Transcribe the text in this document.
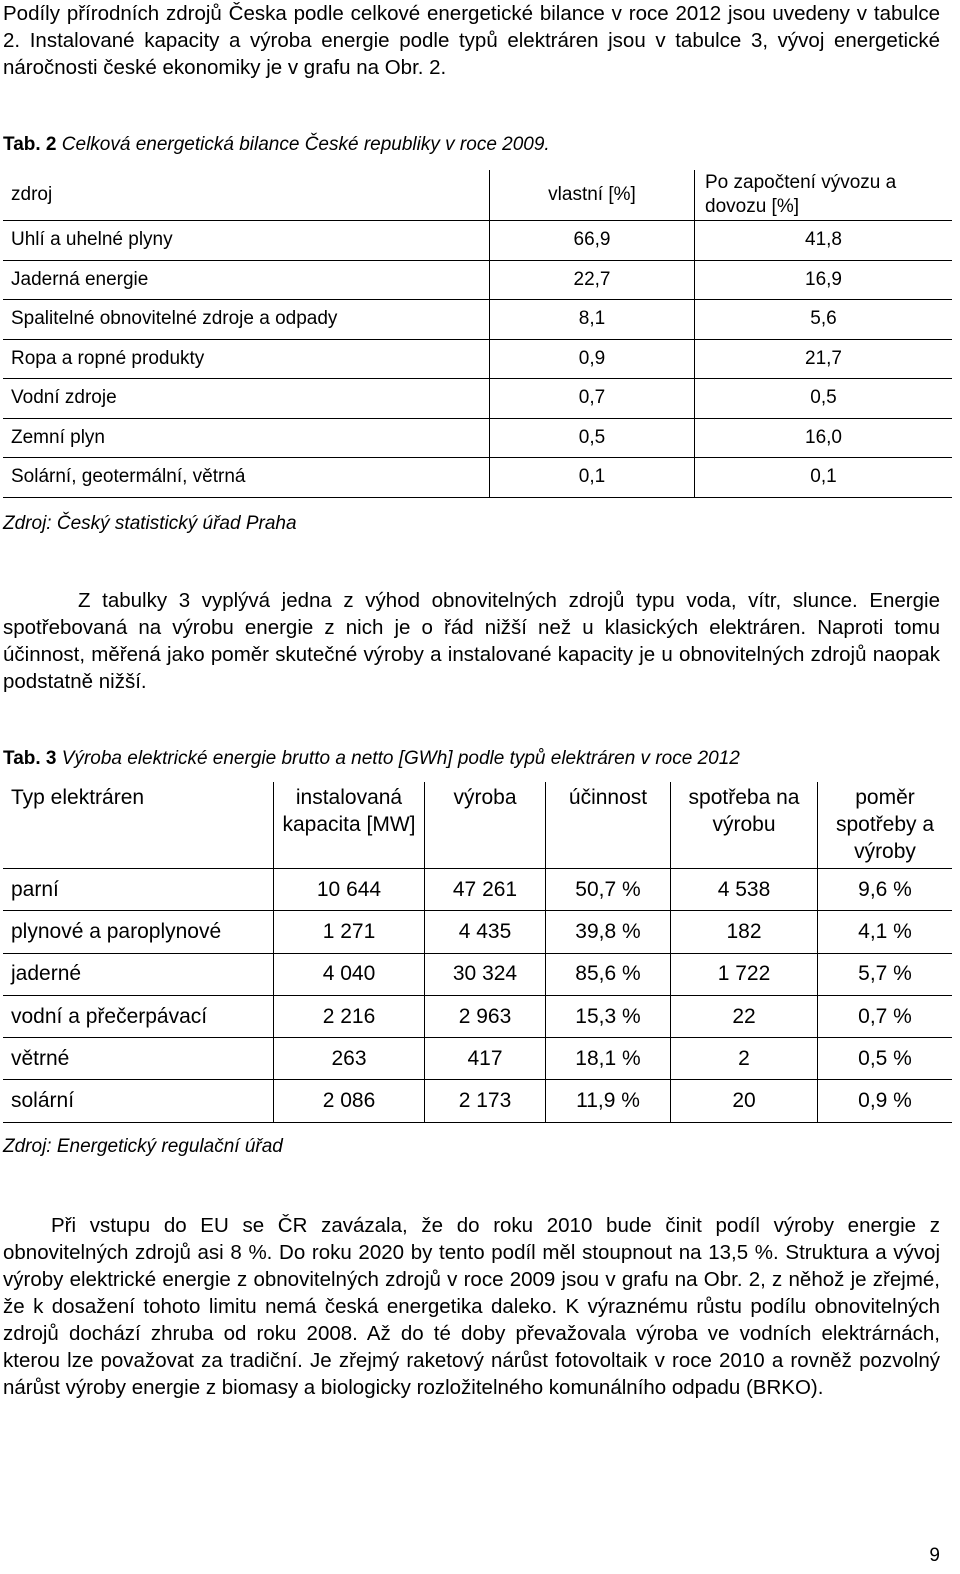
Podíly přírodních zdrojů Česka podle celkové energetické bilance v roce 2012 jsou uvedeny v tabulce 2. Instalované kapacity a výroba energie podle typů elektráren jsou v tabulce 3, vývoj energetické náročnosti české ekonomiky je v grafu na Obr. 2.

Tab. 2 Celková energetická bilance České republiky v roce 2009.
zdroj	vlastní [%]	Po započtení vývozu a dovozu [%]
Uhlí a uhelné plyny	66,9	41,8
Jaderná energie	22,7	16,9
Spalitelné obnovitelné zdroje a odpady	8,1	5,6
Ropa a ropné produkty	0,9	21,7
Vodní zdroje	0,7	0,5
Zemní plyn	0,5	16,0
Solární, geotermální, větrná	0,1	0,1
Zdroj: Český statistický úřad Praha

Z tabulky 3 vyplývá jedna z výhod obnovitelných zdrojů typu voda, vítr, slunce. Energie spotřebovaná na výrobu energie z nich je o řád nižší než u klasických elektráren. Naproti tomu účinnost, měřená jako poměr skutečné výroby a instalované kapacity je u obnovitelných zdrojů naopak podstatně nižší.

Tab. 3 Výroba elektrické energie brutto a netto [GWh] podle typů elektráren v roce 2012
Typ elektráren	instalovaná kapacita [MW]	výroba	účinnost	spotřeba na výrobu	poměr spotřeby a výroby
parní	10 644	47 261	50,7 %	4 538	9,6 %
plynové a paroplynové	1 271	4 435	39,8 %	182	4,1 %
jaderné	4 040	30 324	85,6 %	1 722	5,7 %
vodní a přečerpávací	2 216	2 963	15,3 %	22	0,7 %
větrné	263	417	18,1 %	2	0,5 %
solární	2 086	2 173	11,9 %	20	0,9 %
Zdroj: Energetický regulační úřad

Při vstupu do EU se ČR zavázala, že do roku 2010 bude činit podíl výroby energie z obnovitelných zdrojů asi 8 %. Do roku 2020 by tento podíl měl stoupnout na 13,5 %. Struktura a vývoj výroby elektrické energie z obnovitelných zdrojů v roce 2009 jsou v grafu na Obr. 2, z něhož je zřejmé, že k dosažení tohoto limitu nemá česká energetika daleko. K výraznému růstu podílu obnovitelných zdrojů dochází zhruba od roku 2008. Až do té doby převažovala výroba ve vodních elektrárnách, kterou lze považovat za tradiční. Je zřejmý raketový nárůst fotovoltaik v roce 2010 a rovněž pozvolný nárůst výroby energie z biomasy a biologicky rozložitelného komunálního odpadu (BRKO).

9
